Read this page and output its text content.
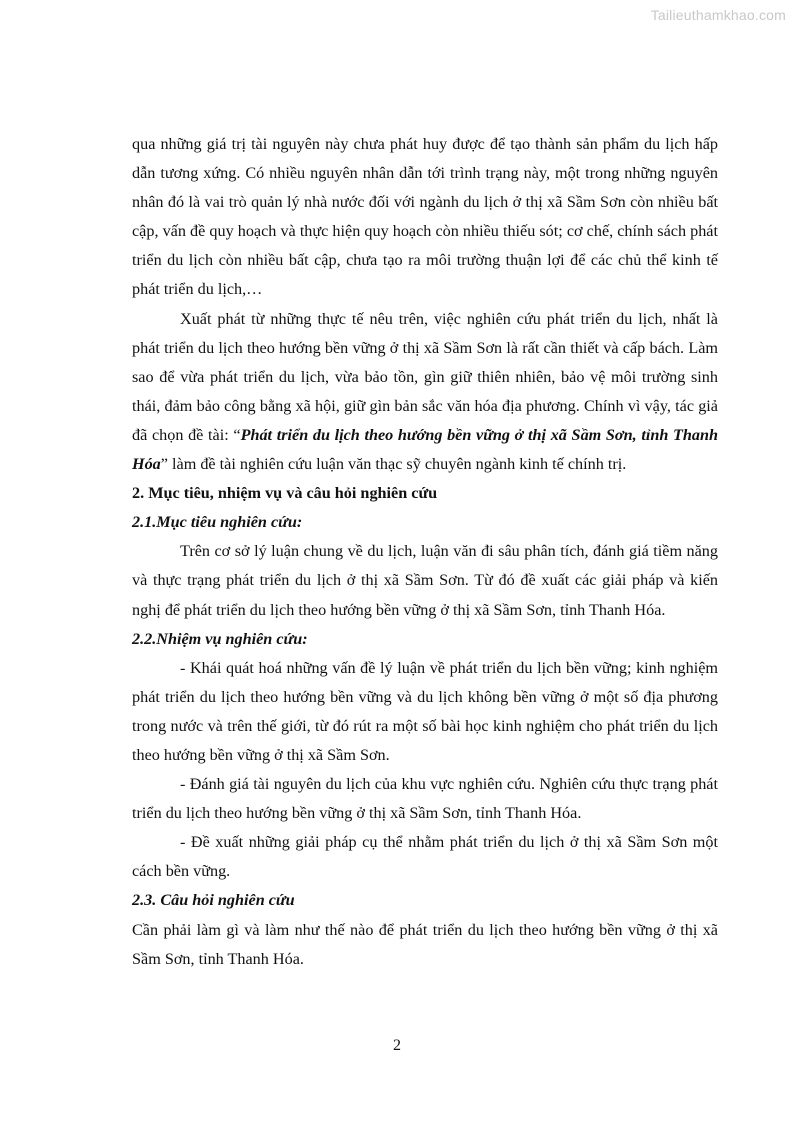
Tailieuthamkhao.com

qua những giá trị tài nguyên này chưa phát huy được để tạo thành sản phẩm du lịch hấp dẫn tương xứng. Có nhiều nguyên nhân dẫn tới trình trạng này, một trong những nguyên nhân đó là vai trò quản lý nhà nước đối với ngành du lịch ở thị xã Sầm Sơn còn nhiều bất cập, vấn đề quy hoạch và thực hiện quy hoạch còn nhiều thiếu sót; cơ chế, chính sách phát triển du lịch còn nhiều bất cập, chưa tạo ra môi trường thuận lợi để các chủ thể kinh tế phát triển du lịch,…

Xuất phát từ những thực tế nêu trên, việc nghiên cứu phát triển du lịch, nhất là phát triển du lịch theo hướng bền vững ở thị xã Sầm Sơn là rất cần thiết và cấp bách. Làm sao để vừa phát triển du lịch, vừa bảo tồn, gìn giữ thiên nhiên, bảo vệ môi trường sinh thái, đảm bảo công bằng xã hội, giữ gìn bản sắc văn hóa địa phương. Chính vì vậy, tác giả đã chọn đề tài: “Phát triển du lịch theo hướng bền vững ở thị xã Sầm Sơn, tỉnh Thanh Hóa” làm đề tài nghiên cứu luận văn thạc sỹ chuyên ngành kinh tế chính trị.

2. Mục tiêu, nhiệm vụ và câu hỏi nghiên cứu

2.1.Mục tiêu nghiên cứu:

Trên cơ sở lý luận chung về du lịch, luận văn đi sâu phân tích, đánh giá tiềm năng và thực trạng phát triển du lịch ở thị xã Sầm Sơn. Từ đó đề xuất các giải pháp và kiến nghị để phát triển du lịch theo hướng bền vững ở thị xã Sầm Sơn, tỉnh Thanh Hóa.

2.2.Nhiệm vụ nghiên cứu:

- Khái quát hoá những vấn đề lý luận về phát triển du lịch bền vững; kinh nghiệm phát triển du lịch theo hướng bền vững và du lịch không bền vững ở một số địa phương trong nước và trên thế giới, từ đó rút ra một số bài học kinh nghiệm cho phát triển du lịch theo hướng bền vững ở thị xã Sầm Sơn.

- Đánh giá tài nguyên du lịch của khu vực nghiên cứu. Nghiên cứu thực trạng phát triển du lịch theo hướng bền vững ở thị xã Sầm Sơn, tỉnh Thanh Hóa.

- Đề xuất những giải pháp cụ thể nhằm phát triển du lịch ở thị xã Sầm Sơn một cách bền vững.

2.3. Câu hỏi nghiên cứu

Cần phải làm gì và làm như thế nào để phát triển du lịch theo hướng bền vững ở thị xã Sầm Sơn, tỉnh Thanh Hóa.

2
